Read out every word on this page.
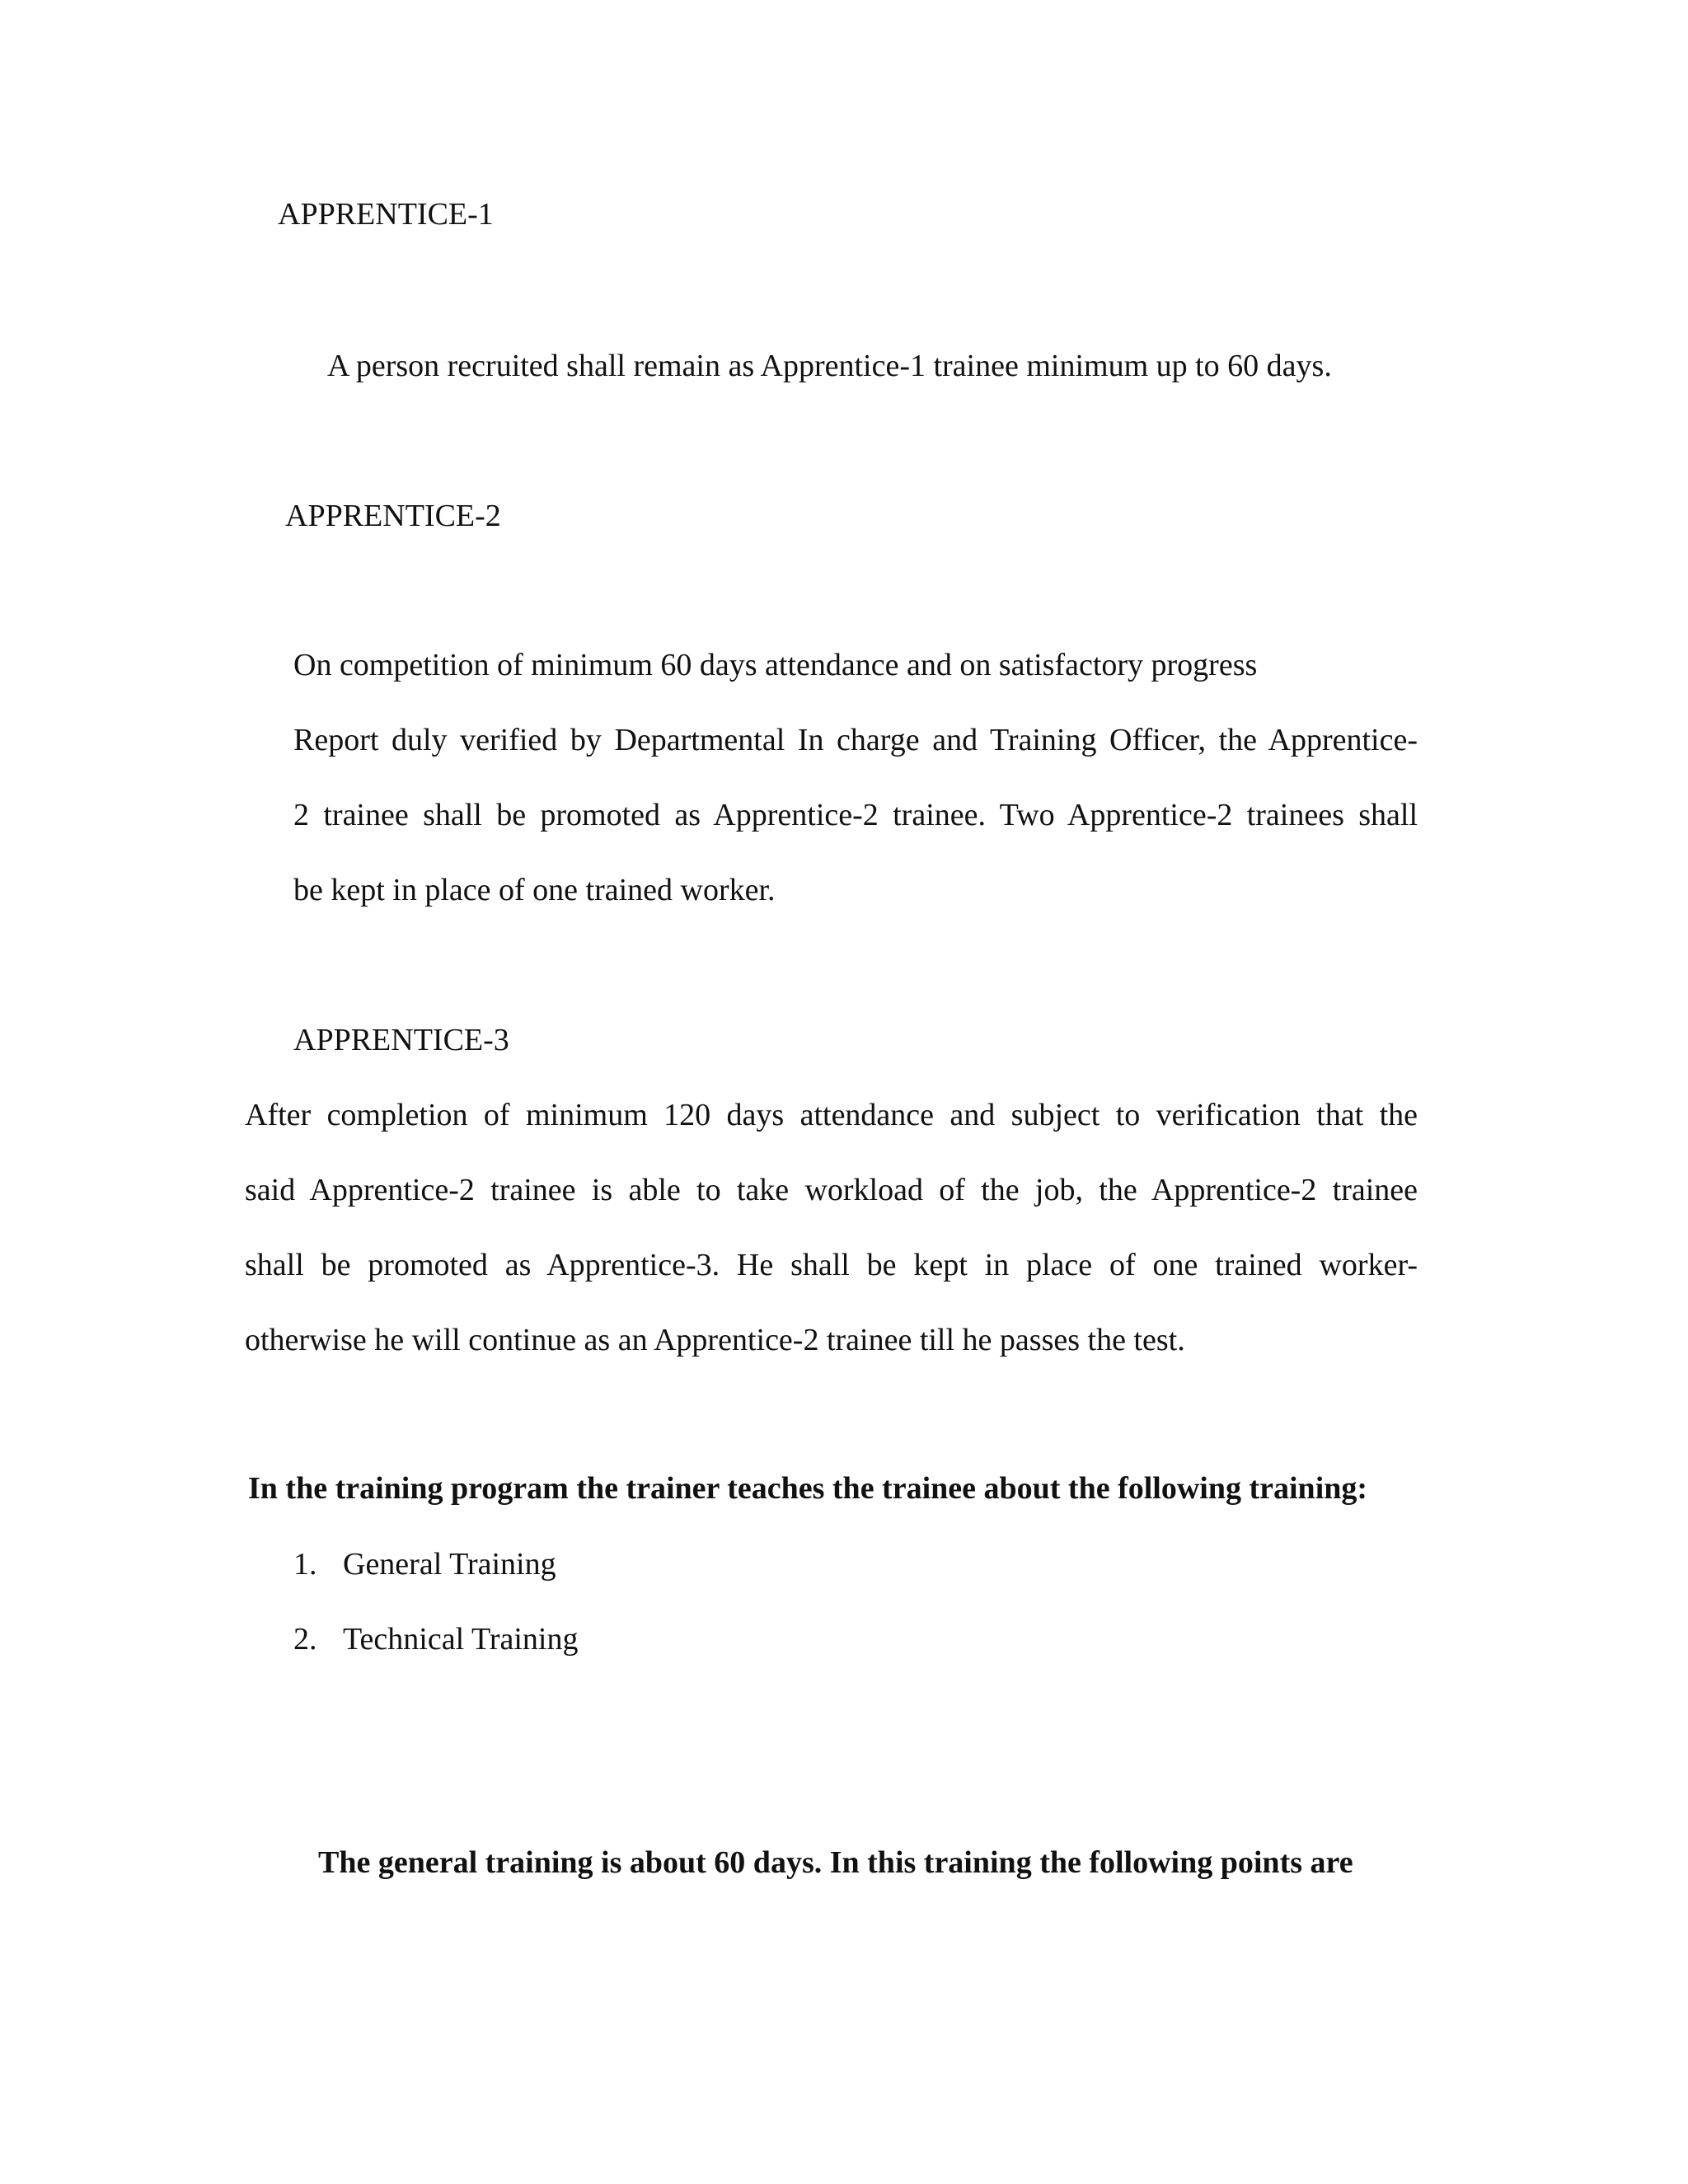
APPRENTICE-1

A person recruited shall remain as Apprentice-1 trainee minimum up to 60 days.

APPRENTICE-2

On competition of minimum 60 days attendance and on satisfactory progress
Report duly verified by Departmental In charge and Training Officer, the Apprentice-
2 trainee shall be promoted as Apprentice-2 trainee. Two Apprentice-2 trainees shall
be kept in place of one trained worker.

APPRENTICE-3

After completion of minimum 120 days attendance and subject to verification that the
said Apprentice-2 trainee is able to take workload of the job, the Apprentice-2 trainee
shall be promoted as Apprentice-3. He shall be kept in place of one trained worker-
otherwise he will continue as an Apprentice-2 trainee till he passes the test.

In the training program the trainer teaches the trainee about the following training:

1. General Training
2. Technical Training

The general training is about 60 days. In this training the following points are
